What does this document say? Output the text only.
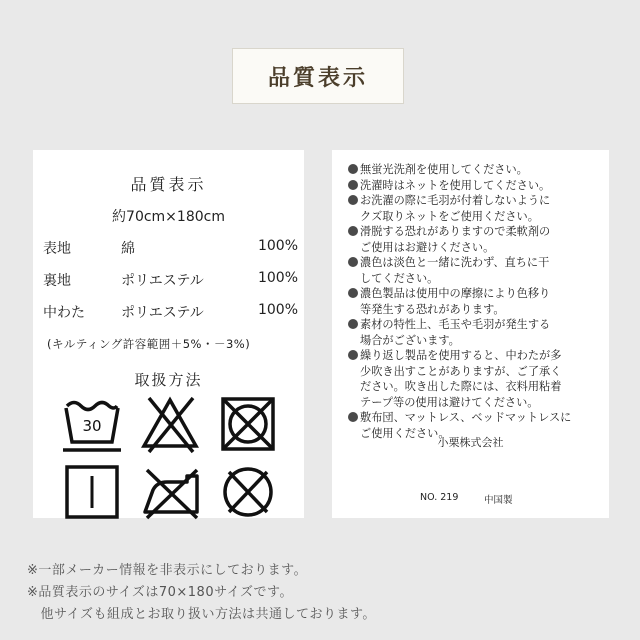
品質表示
品質表示
約70cm×180cm
表地	綿	100%
裏地	ポリエステル	100%
中わた	ポリエステル	100%
(キルティング許容範囲＋5%・－3%)
取扱方法
30
無蛍光洗剤を使用してください。
洗濯時はネットを使用してください。
お洗濯の際に毛羽が付着しないように
クズ取りネットをご使用ください。
滑脱する恐れがありますので柔軟剤の
ご使用はお避けください。
濃色は淡色と一緒に洗わず、直ちに干
してください。
濃色製品は使用中の摩擦により色移り
等発生する恐れがあります。
素材の特性上、毛玉や毛羽が発生する
場合がございます。
繰り返し製品を使用すると、中わたが多
少吹き出すことがありますが、ご了承く
ださい。吹き出した際には、衣料用粘着
テープ等の使用は避けてください。
敷布団、マットレス、ベッドマットレスに
ご使用ください。
小栗株式会社
NO. 219	中国製
※一部メーカー情報を非表示にしております。
※品質表示のサイズは70×180サイズです。
　他サイズも組成とお取り扱い方法は共通しております。
